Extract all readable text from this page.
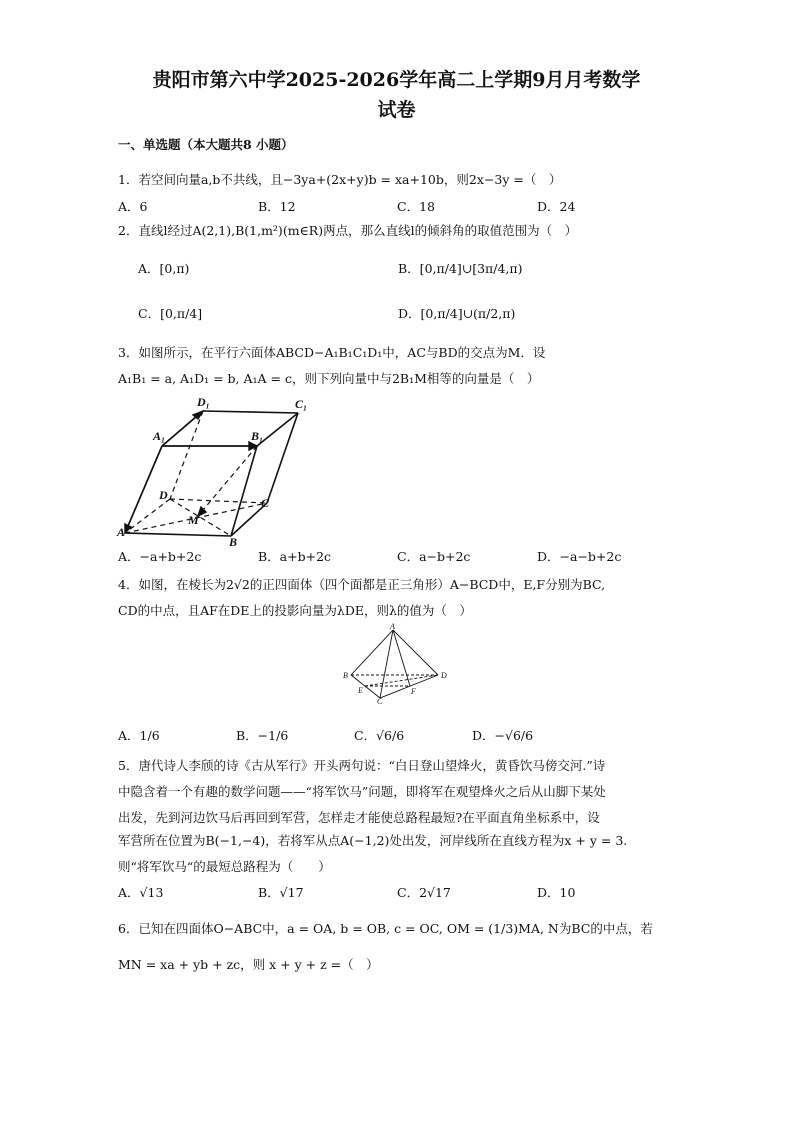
贵阳市第六中学2025-2026学年高二上学期9月月考数学
试卷
一、单选题（本大题共8 小题）
1．若空间向量a,b不共线，且−3ya+(2x+y)b = xa+10b，则2x−3y =（　）
A．6	B．12	C．18	D．24
2．直线l经过A(2,1),B(1,m²)(m∈R)两点，那么直线l的倾斜角的取值范围为（　）
A．[0,π)	B．[0,π/4]∪[3π/4,π)
C．[0,π/4]	D．[0,π/4]∪(π/2,π)
3．如图所示，在平行六面体ABCD−A₁B₁C₁D₁中，AC与BD的交点为M．设
A₁B₁ = a, A₁D₁ = b, A₁A = c，则下列向量中与2B₁M相等的向量是（　）
D₁	C₁
A₁	B₁
D
C
M
A
B
A．−a+b+2c	B．a+b+2c	C．a−b+2c	D．−a−b+2c
4．如图，在棱长为2√2的正四面体（四个面都是正三角形）A−BCD中，E,F分别为BC,
CD的中点，且AF在DE上的投影向量为λDE，则λ的值为（　）
A
B
C
D
E	F
A．1/6	B．−1/6	C．√6/6	D．−√6/6
5．唐代诗人李颀的诗《古从军行》开头两句说：“白日登山望烽火，黄昏饮马傍交河.”诗
中隐含着一个有趣的数学问题——“将军饮马”问题，即将军在观望烽火之后从山脚下某处
出发，先到河边饮马后再回到军营，怎样走才能使总路程最短?在平面直角坐标系中，设
军营所在位置为B(−1,−4)，若将军从点A(−1,2)处出发，河岸线所在直线方程为x + y = 3.
则“将军饮马“的最短总路程为（　　）
A．√13	B．√17	C．2√17	D．10
6．已知在四面体O−ABC中，a = OA, b = OB, c = OC, OM = (1/3)MA, N为BC的中点，若
MN = xa + yb + zc，则 x + y + z =（　）
